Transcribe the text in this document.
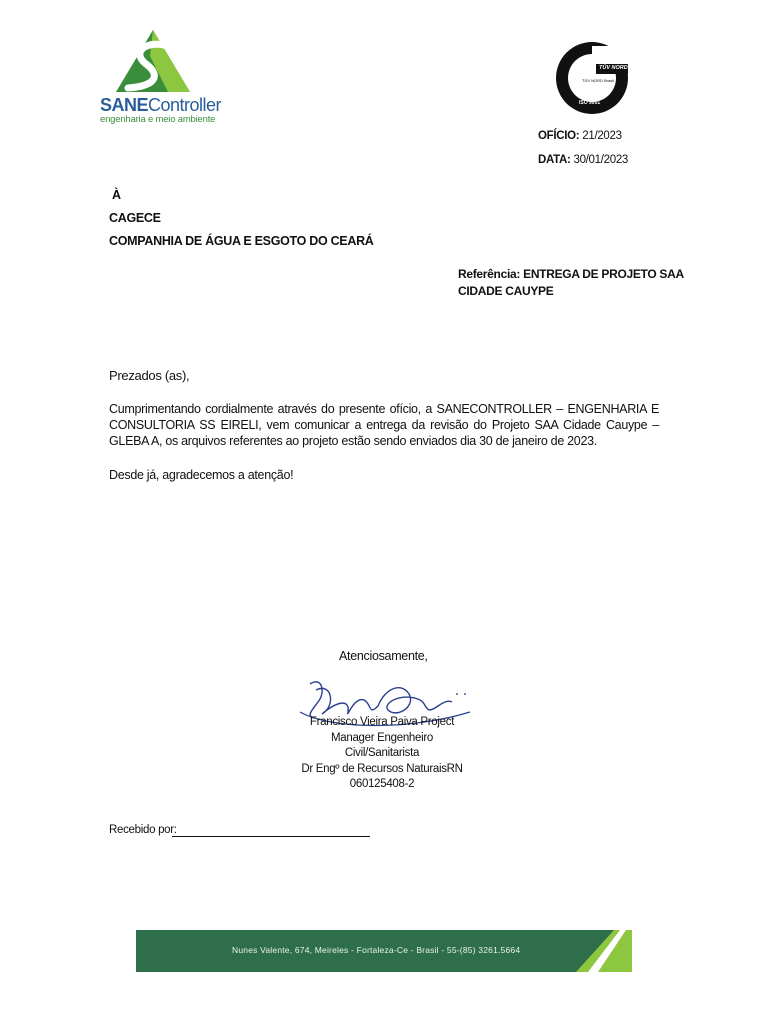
SANEController
engenharia e meio ambiente
TÜV NORD
TÜV NORD Brasil
ISO 9001
OFÍCIO: 21/2023
DATA: 30/01/2023
À
CAGECE
COMPANHIA DE ÁGUA E ESGOTO DO CEARÁ
Referência: ENTREGA DE PROJETO SAA
CIDADE CAUYPE
Prezados (as),
Cumprimentando cordialmente através do presente ofício, a SANECONTROLLER – ENGENHARIA E CONSULTORIA SS EIRELI, vem comunicar a entrega da revisão do Projeto SAA Cidade Cauype – GLEBA A, os arquivos referentes ao projeto estão sendo enviados dia 30 de janeiro de 2023.
Desde já, agradecemos a atenção!
Atenciosamente,
Francisco Vieira Paiva Project
Manager Engenheiro
Civil/Sanitarista
Dr Engº de Recursos NaturaisRN
060125408-2
Recebido por:
Nunes Valente, 674, Meireles - Fortaleza-Ce - Brasil - 55-(85) 3261.5664
